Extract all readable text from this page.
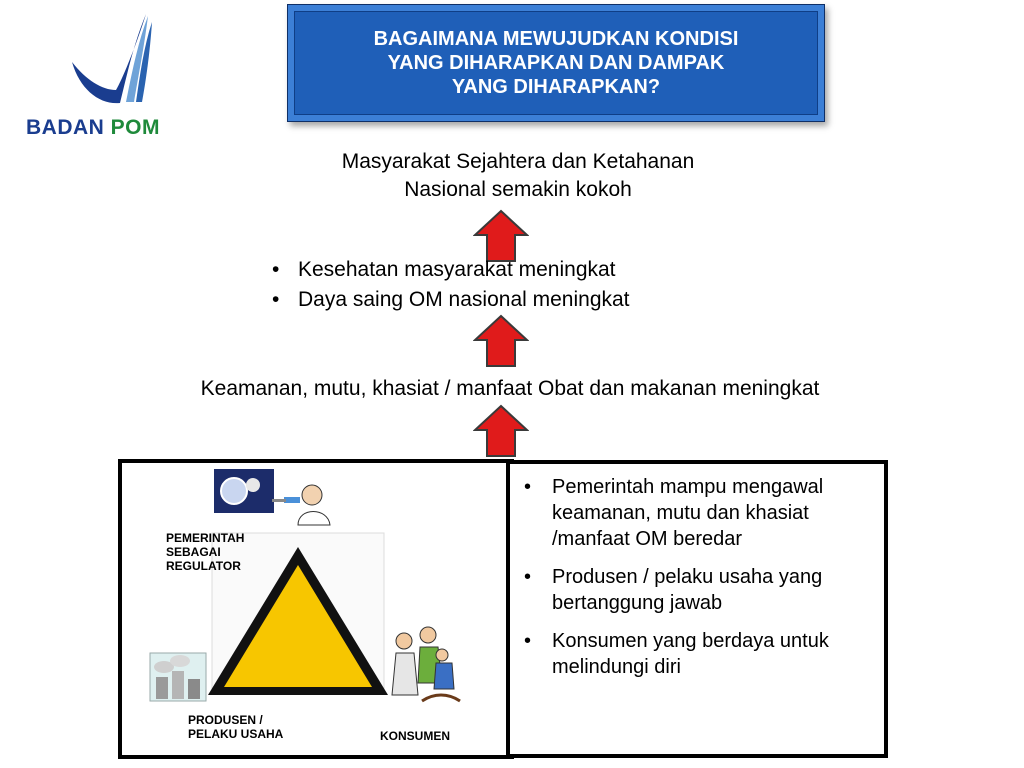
BADAN POM
BAGAIMANA MEWUJUDKAN KONDISI
YANG DIHARAPKAN DAN DAMPAK
YANG DIHARAPKAN?
Masyarakat Sejahtera dan Ketahanan
Nasional semakin kokoh
• Kesehatan masyarakat meningkat
• Daya saing OM nasional meningkat
Keamanan, mutu, khasiat / manfaat Obat dan makanan meningkat
PEMERINTAH
SEBAGAI
REGULATOR
PRODUSEN /
PELAKU USAHA	KONSUMEN
• Pemerintah mampu mengawal keamanan, mutu dan khasiat /manfaat OM beredar
• Produsen / pelaku usaha yang bertanggung jawab
• Konsumen yang berdaya untuk melindungi diri
